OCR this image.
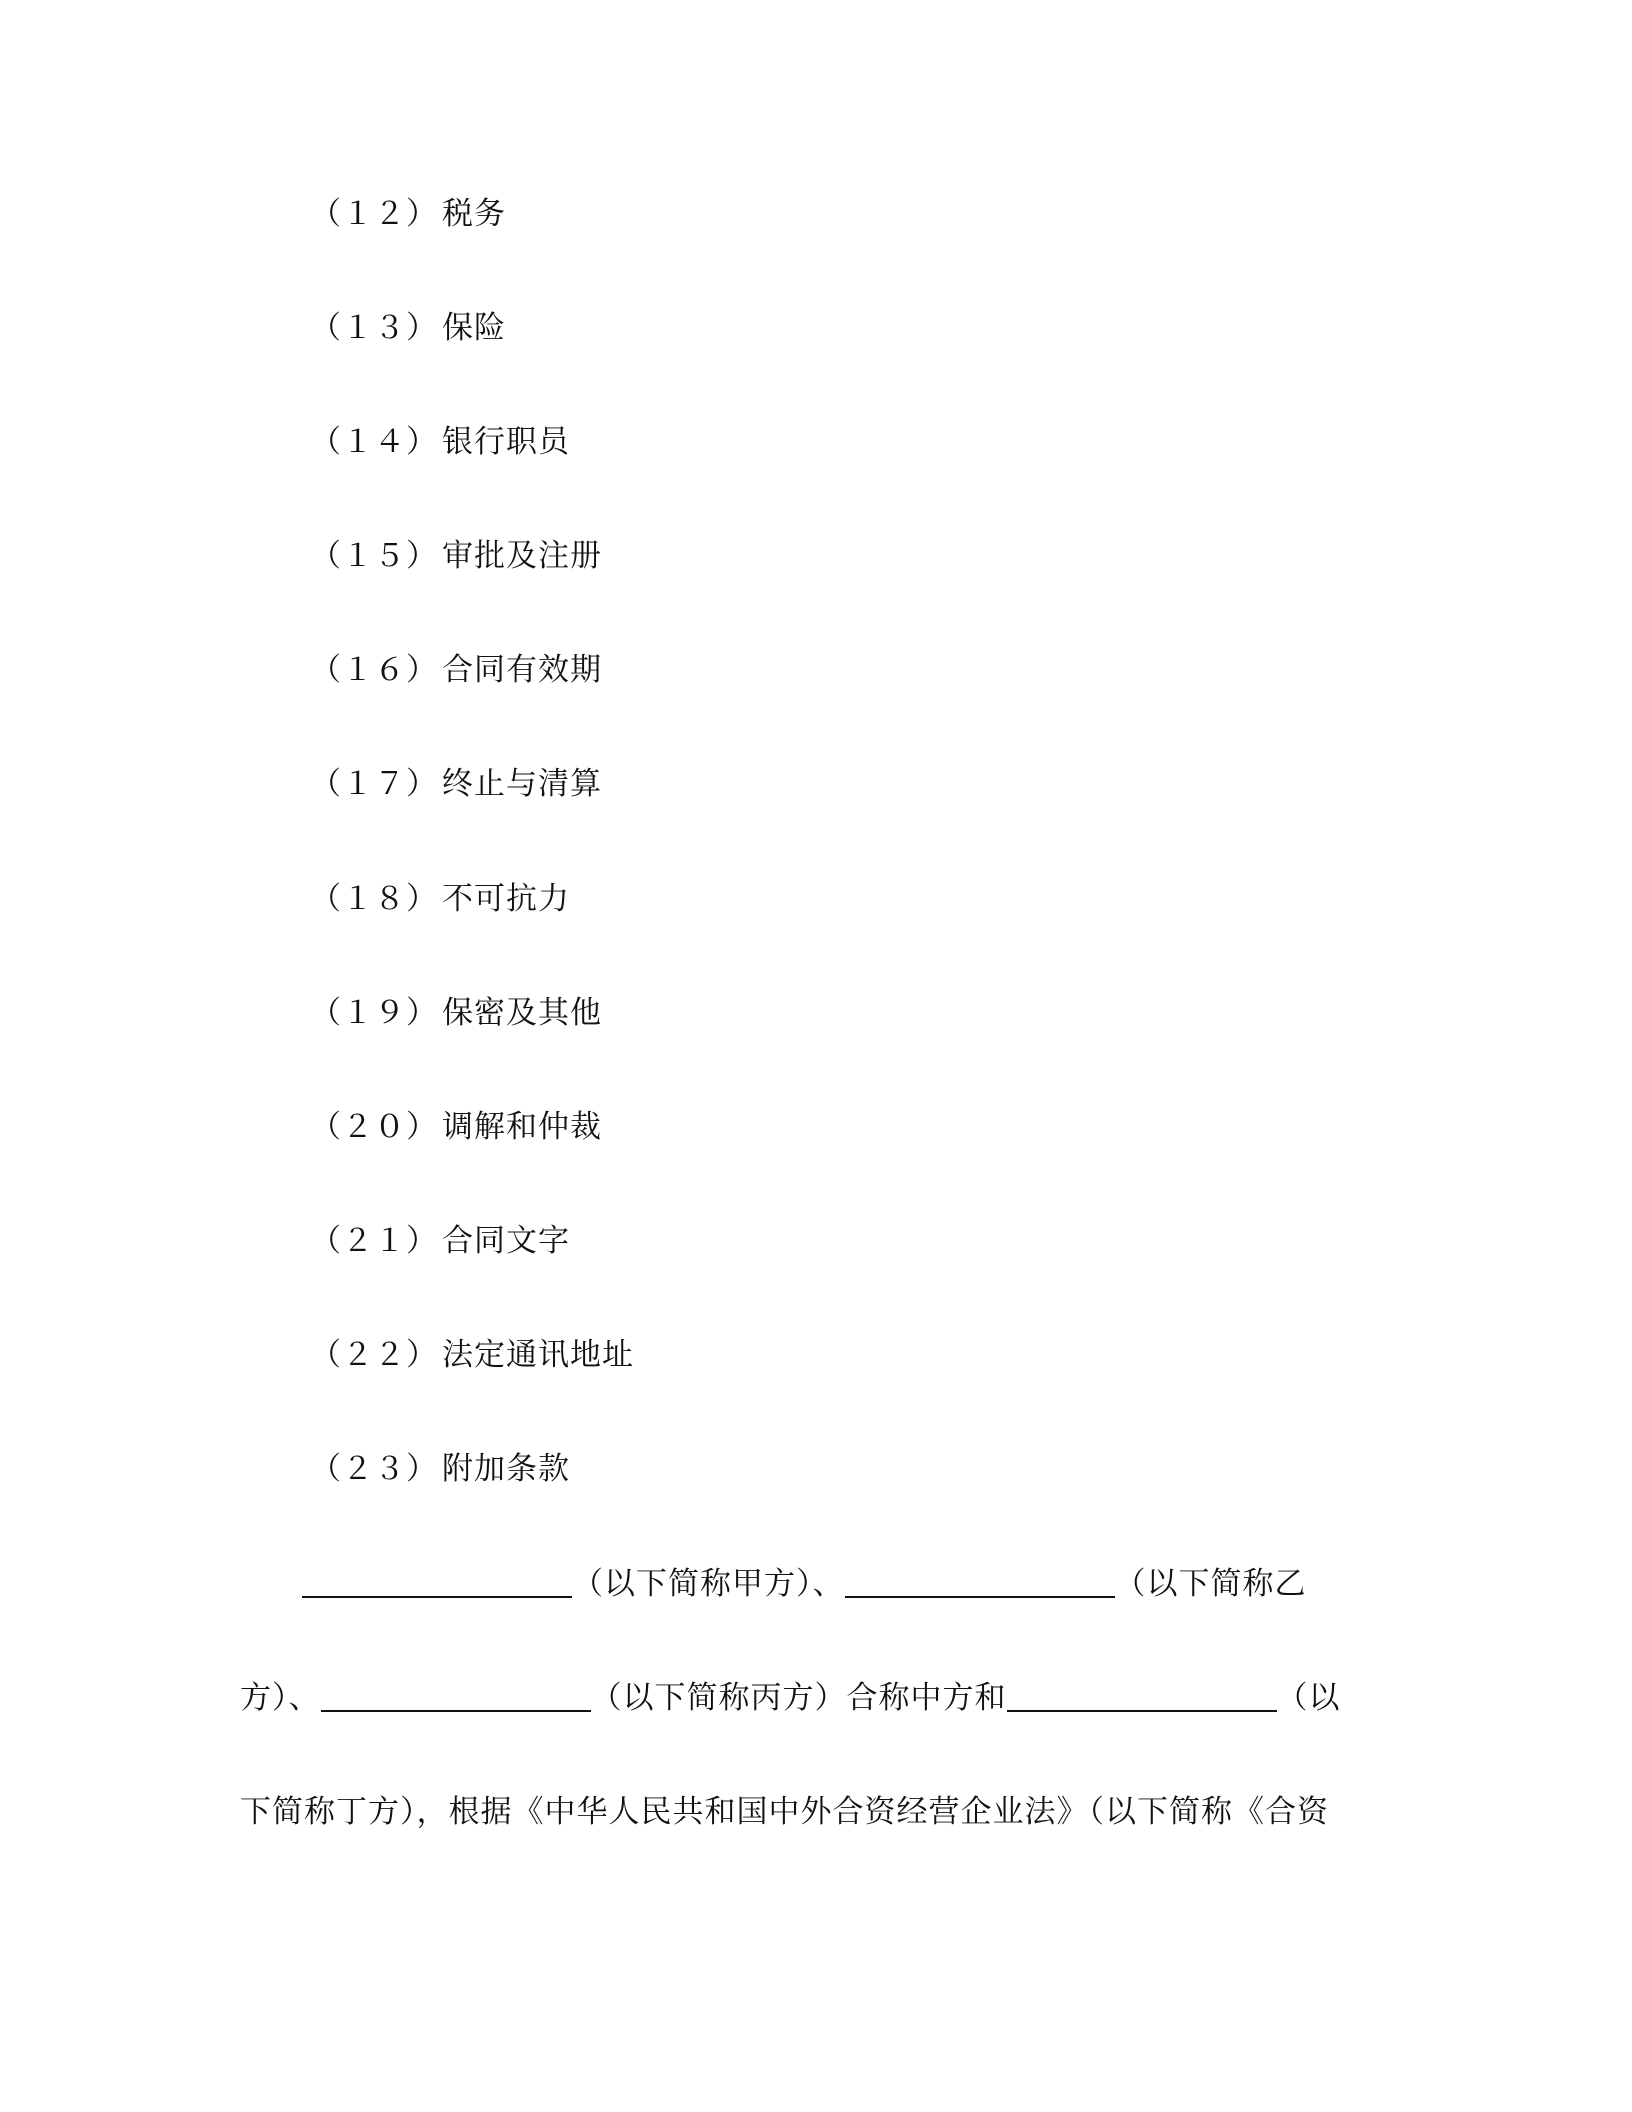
（１２） 税务
（１３） 保险
（１４） 银行职员
（１５） 审批及注册
（１６） 合同有效期
（１７） 终止与清算
（１８） 不可抗力
（１９） 保密及其他
（２０） 调解和仲裁
（２１） 合同文字
（２２） 法定通讯地址
（２３） 附加条款
（以下简称甲方）、	（以下简称乙
方）、	（以下简称丙方）合称中方和	（以
下简称丁方），根据《中华人民共和国中外合资经营企业法》（以下简称《合资
